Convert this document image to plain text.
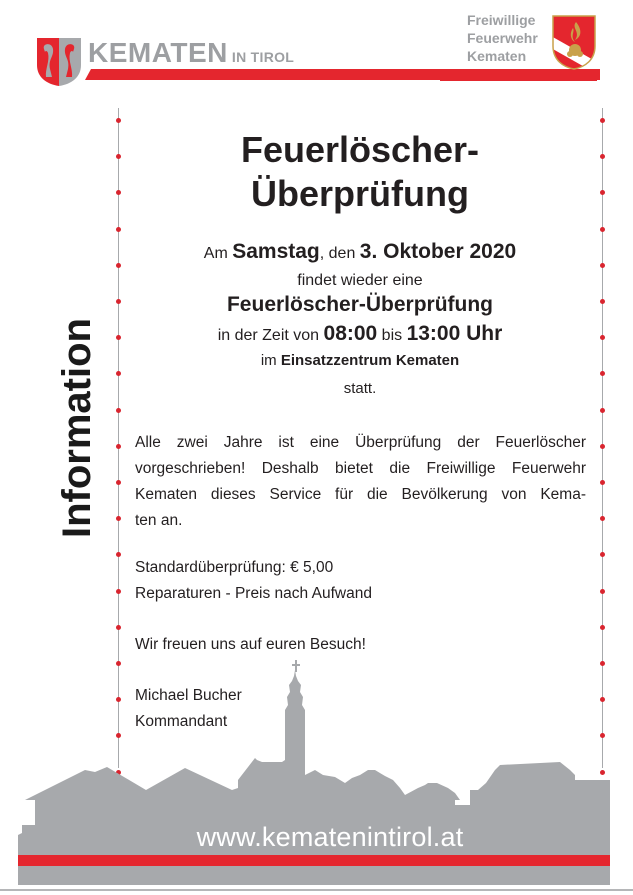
KEMATEN IN TIROL
Freiwillige
Feuerwehr
Kematen
Information
Feuerlöscher-
Überprüfung
Am Samstag, den 3. Oktober 2020
findet wieder eine
Feuerlöscher-Überprüfung
in der Zeit von 08:00 bis 13:00 Uhr
im Einsatzzentrum Kematen
statt.
Alle zwei Jahre ist eine Überprüfung der Feuerlöscher
vorgeschrieben! Deshalb bietet die Freiwillige Feuerwehr
Kematen dieses Service für die Bevölkerung von Kema-
ten an.
Standardüberprüfung: € 5,00
Reparaturen - Preis nach Aufwand
Wir freuen uns auf euren Besuch!
Michael Bucher
Kommandant
www.kematenintirol.at
